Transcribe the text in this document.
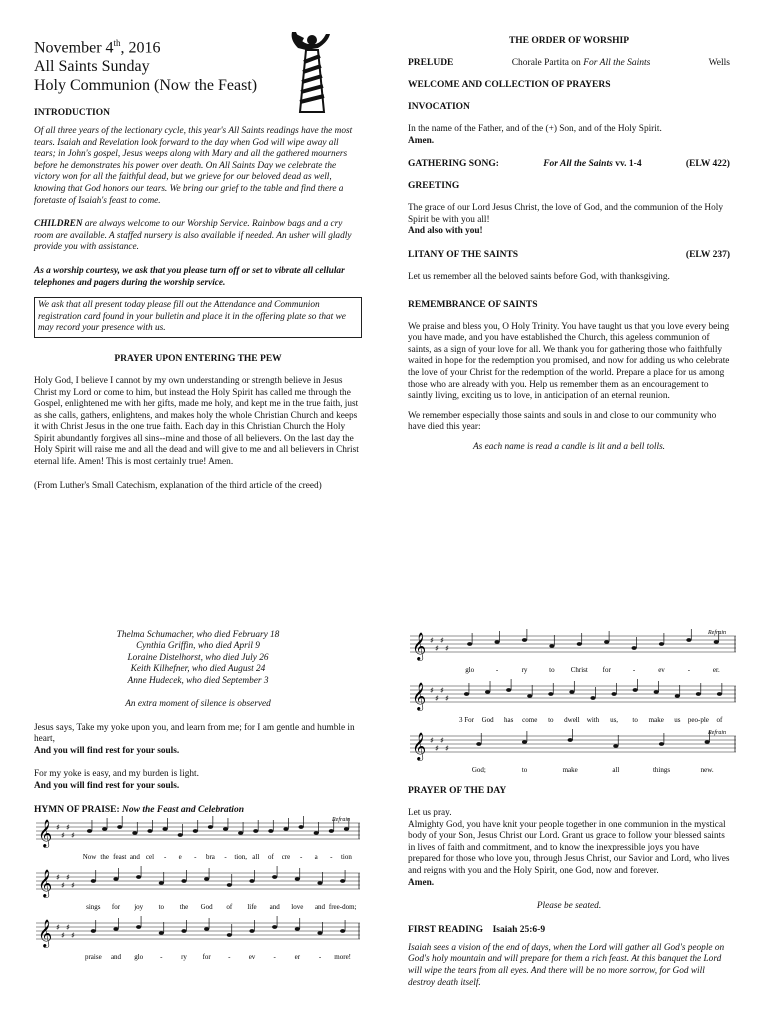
November 4th, 2016
All Saints Sunday
Holy Communion (Now the Feast)

INTRODUCTION

Of all three years of the lectionary cycle, this year's All Saints readings have the most tears. Isaiah and Revelation look forward to the day when God will wipe away all tears; in John's gospel, Jesus weeps along with Mary and all the gathered mourners before he demonstrates his power over death. On All Saints Day we celebrate the victory won for all the faithful dead, but we grieve for our beloved dead as well, knowing that God honors our tears. We bring our grief to the table and find there a foretaste of Isaiah's feast to come.

CHILDREN are always welcome to our Worship Service. Rainbow bags and a cry room are available. A staffed nursery is also available if needed. An usher will gladly provide you with assistance.

As a worship courtesy, we ask that you please turn off or set to vibrate all cellular telephones and pagers during the worship service.

We ask that all present today please fill out the Attendance and Communion registration card found in your bulletin and place it in the offering plate so that we may record your presence with us.

PRAYER UPON ENTERING THE PEW

Holy God, I believe I cannot by my own understanding or strength believe in Jesus Christ my Lord or come to him, but instead the Holy Spirit has called me through the Gospel, enlightened me with her gifts, made me holy, and kept me in the true faith, just as she calls, gathers, enlightens, and makes holy the whole Christian Church and keeps it with Christ Jesus in the one true faith. Each day in this Christian Church the Holy Spirit abundantly forgives all sins--mine and those of all believers. On the last day the Holy Spirit will raise me and all the dead and will give to me and all believers in Christ eternal life. Amen! This is most certainly true! Amen.

(From Luther's Small Catechism, explanation of the third article of the creed)

THE ORDER OF WORSHIP

PRELUDE	Chorale Partita on For All the Saints	Wells

WELCOME AND COLLECTION OF PRAYERS

INVOCATION

In the name of the Father, and of the (+) Son, and of the Holy Spirit.

Amen.

GATHERING SONG:	For All the Saints vv. 1-4	(ELW 422)

GREETING

The grace of our Lord Jesus Christ, the love of God, and the communion of the Holy Spirit be with you all!

And also with you!

LITANY OF THE SAINTS	(ELW 237)

Let us remember all the beloved saints before God, with thanksgiving.

REMEMBRANCE OF SAINTS

We praise and bless you, O Holy Trinity. You have taught us that you love every being you have made, and you have established the Church, this ageless communion of saints, as a sign of your love for all. We thank you for gathering those who faithfully waited in hope for the redemption you promised, and now for adding us who celebrate the love of your Christ for the redemption of the world. Prepare a place for us among those who are already with you. Help us remember them as an encouragement to saintly living, exciting us to love, in anticipation of an eternal reunion.

We remember especially those saints and souls in and close to our community who have died this year:

As each name is read a candle is lit and a bell tolls.

Thelma Schumacher, who died February 18
Cynthia Griffin, who died April 9
Loraine Distelhorst, who died July 26
Keith Kilhefner, who died August 24
Anne Hudecek, who died September 3

An extra moment of silence is observed

Jesus says, Take my yoke upon you, and learn from me; for I am gentle and humble in heart,

And you will find rest for your souls.

For my yoke is easy, and my burden is light.

And you will find rest for your souls.

HYMN OF PRAISE: Now the Feast and Celebration

𝄞 ♯
♯
♯
♯
Refrain
Now the feast and cel - e - bra - tion, all of cre - a - tion
𝄞 ♯
♯
♯
♯
sings for joy to the God of life and love and free-dom;
𝄞 ♯
♯
♯
♯
praise and glo -	ry for -	ev	-	er	- more!
𝄞 ♯
♯
♯
♯
Refrain
glo	-	ry	to Christ for	-	ev	-	er.
𝄞 ♯
♯
♯
♯
3 For God has come to dwell with us, to make us peo-ple of
𝄞 ♯
♯
♯
♯
Refrain
God;	to	make	all	things	new.

PRAYER OF THE DAY

Let us pray.

Almighty God, you have knit your people together in one communion in the mystical body of your Son, Jesus Christ our Lord. Grant us grace to follow your blessed saints in lives of faith and commitment, and to know the inexpressible joys you have prepared for those who love you, through Jesus Christ, our Savior and Lord, who lives and reigns with you and the Holy Spirit, one God, now and forever.

Amen.

Please be seated.

FIRST READING Isaiah 25:6-9

Isaiah sees a vision of the end of days, when the Lord will gather all God's people on God's holy mountain and will prepare for them a rich feast. At this banquet the Lord will wipe the tears from all eyes. And there will be no more sorrow, for God will destroy death itself.
